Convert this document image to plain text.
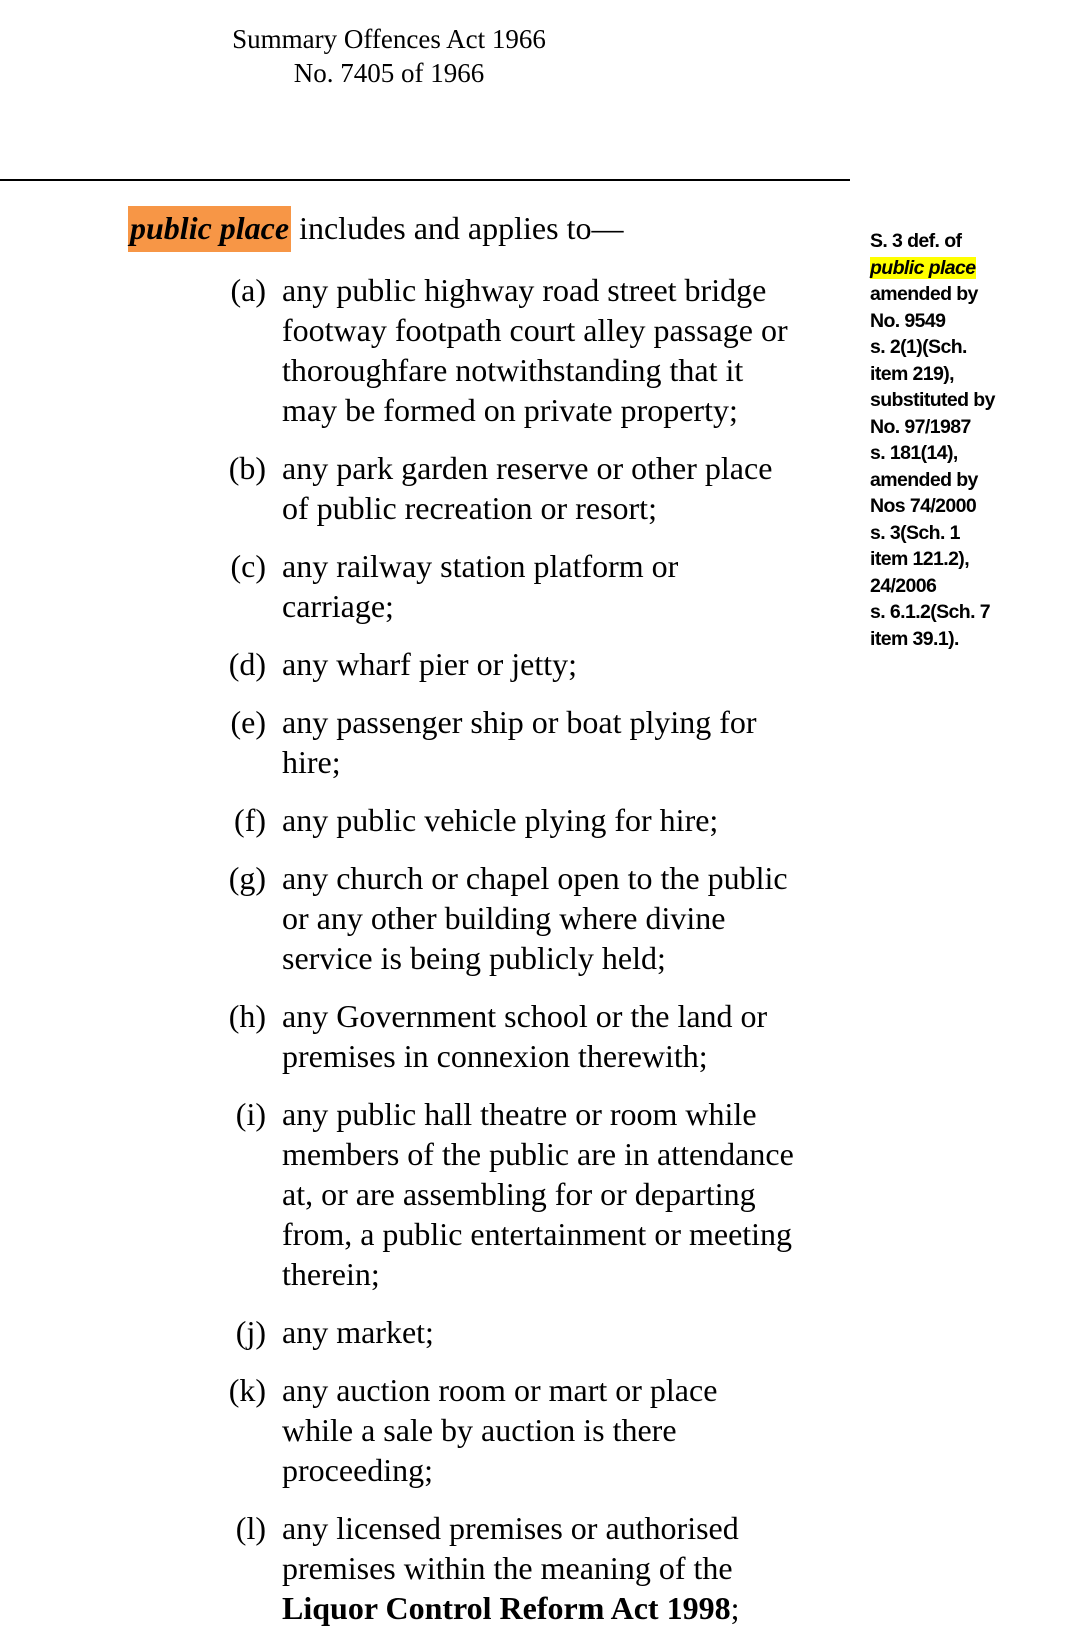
Summary Offences Act 1966
No. 7405 of 1966
public place includes and applies to—
(a) any public highway road street bridge
footway footpath court alley passage or
thoroughfare notwithstanding that it
may be formed on private property;
(b) any park garden reserve or other place
of public recreation or resort;
(c) any railway station platform or
carriage;
(d) any wharf pier or jetty;
(e) any passenger ship or boat plying for
hire;
(f) any public vehicle plying for hire;
(g) any church or chapel open to the public
or any other building where divine
service is being publicly held;
(h) any Government school or the land or
premises in connexion therewith;
(i) any public hall theatre or room while
members of the public are in attendance
at, or are assembling for or departing
from, a public entertainment or meeting
therein;
(j) any market;
(k) any auction room or mart or place
while a sale by auction is there
proceeding;
(l) any licensed premises or authorised
premises within the meaning of the
Liquor Control Reform Act 1998;
S. 3 def. of
public place
amended by
No. 9549
s. 2(1)(Sch.
item 219),
substituted by
No. 97/1987
s. 181(14),
amended by
Nos 74/2000
s. 3(Sch. 1
item 121.2),
24/2006
s. 6.1.2(Sch. 7
item 39.1).
